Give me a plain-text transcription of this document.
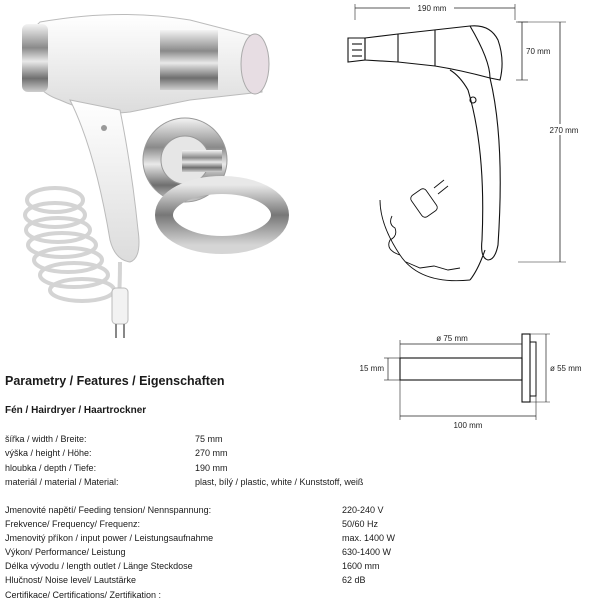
190 mm
70 mm
270 mm
ø 75 mm
15 mm	ø 55 mm
100 mm
Parametry / Features / Eigenschaften
Fén / Hairdryer / Haartrockner
šířka / width / Breite:	75 mm
výška / height / Höhe:	270 mm
hloubka / depth / Tiefe:	190 mm
materiál / material / Material:	plast, bílý / plastic, white / Kunststoff, weiß
Jmenovité napětí/ Feeding tension/ Nennspannung:	220-240 V
Frekvence/ Frequency/ Frequenz:	50/60 Hz
Jmenovitý příkon / input power / Leistungsaufnahme	max. 1400 W
Výkon/ Performance/ Leistung	630-1400 W
Délka vývodu / length outlet / Länge Steckdose	1600 mm
Hlučnost/ Noise level/ Lautstärke	62 dB
Certifikace/ Certifications/ Zertifikation :
